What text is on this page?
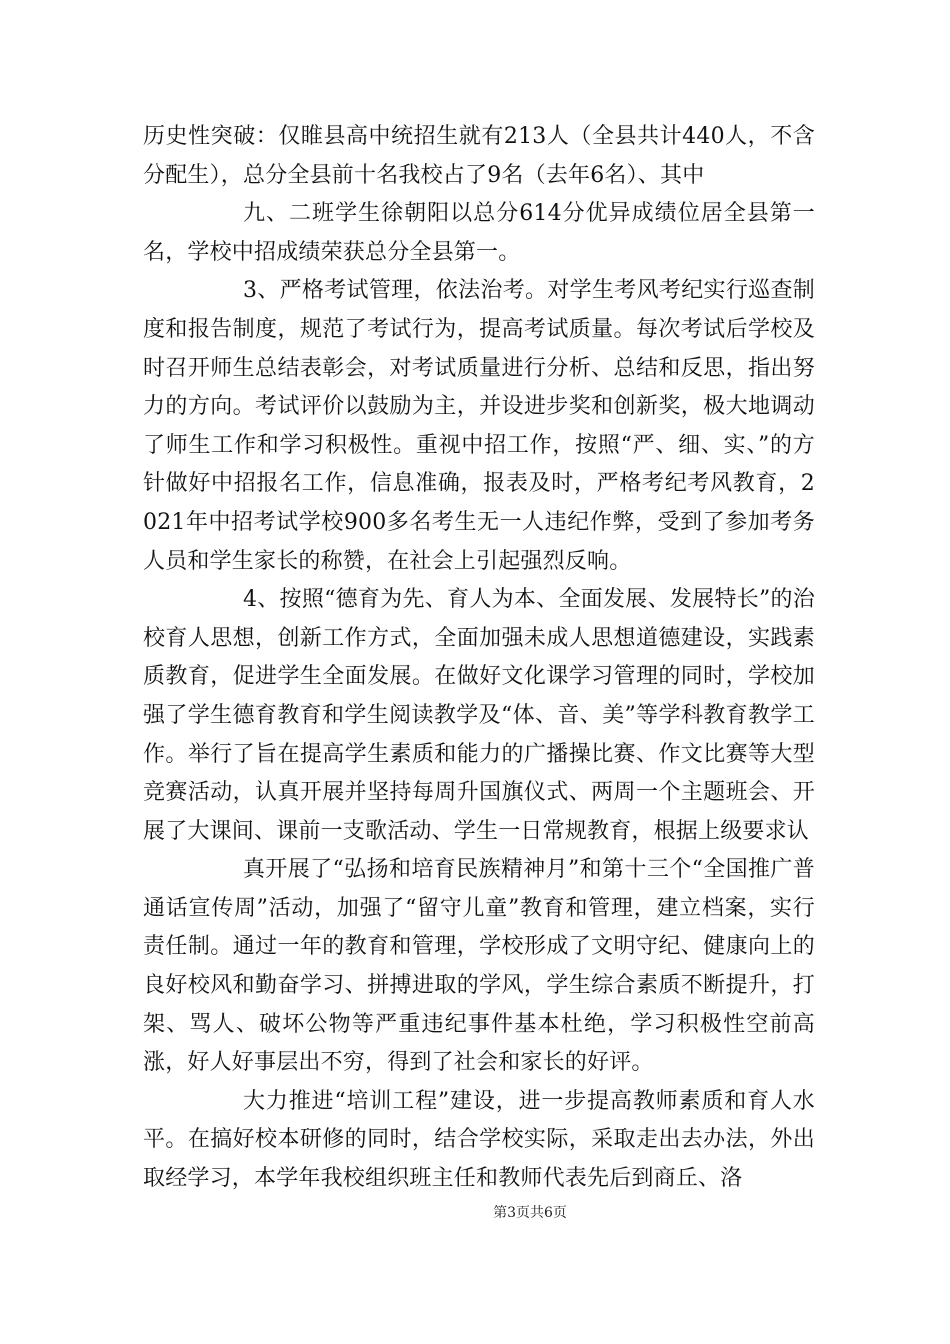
历史性突破：仅睢县高中统招生就有213人（全县共计440人，不含分配生），总分全县前十名我校占了9名（去年6名）、其中

九、二班学生徐朝阳以总分614分优异成绩位居全县第一名，学校中招成绩荣获总分全县第一。

3、严格考试管理，依法治考。对学生考风考纪实行巡查制度和报告制度，规范了考试行为，提高考试质量。每次考试后学校及时召开师生总结表彰会，对考试质量进行分析、总结和反思，指出努力的方向。考试评价以鼓励为主，并设进步奖和创新奖，极大地调动了师生工作和学习积极性。重视中招工作，按照“严、细、实、”的方针做好中招报名工作，信息准确，报表及时，严格考纪考风教育，2021年中招考试学校900多名考生无一人违纪作弊，受到了参加考务人员和学生家长的称赞，在社会上引起强烈反响。

4、按照“德育为先、育人为本、全面发展、发展特长”的治校育人思想，创新工作方式，全面加强未成人思想道德建设，实践素质教育，促进学生全面发展。在做好文化课学习管理的同时，学校加强了学生德育教育和学生阅读教学及“体、音、美”等学科教育教学工作。举行了旨在提高学生素质和能力的广播操比赛、作文比赛等大型竞赛活动，认真开展并坚持每周升国旗仪式、两周一个主题班会、开展了大课间、课前一支歌活动、学生一日常规教育，根据上级要求认

真开展了“弘扬和培育民族精神月”和第十三个“全国推广普通话宣传周”活动，加强了“留守儿童”教育和管理，建立档案，实行责任制。通过一年的教育和管理，学校形成了文明守纪、健康向上的良好校风和勤奋学习、拼搏进取的学风，学生综合素质不断提升，打架、骂人、破坏公物等严重违纪事件基本杜绝，学习积极性空前高涨，好人好事层出不穷，得到了社会和家长的好评。

大力推进“培训工程”建设，进一步提高教师素质和育人水平。在搞好校本研修的同时，结合学校实际，采取走出去办法，外出取经学习，本学年我校组织班主任和教师代表先后到商丘、洛

第3页共6页
